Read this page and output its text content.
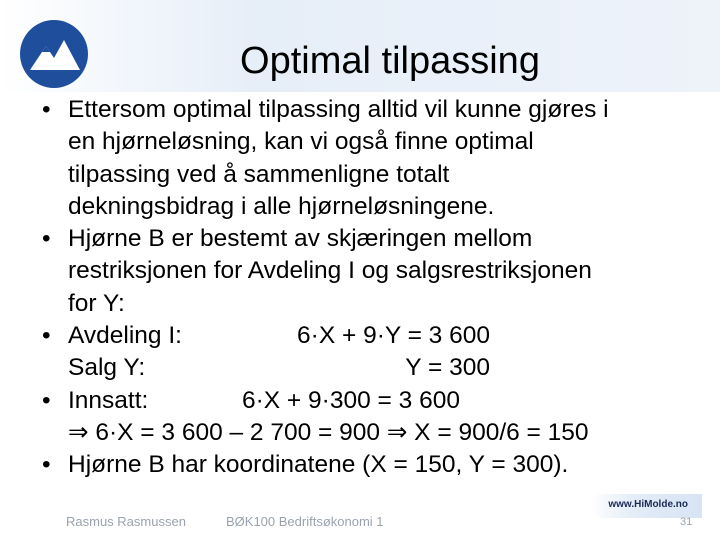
Optimal tilpassing
• Ettersom optimal tilpassing alltid vil kunne gjøres i
en hjørneløsning, kan vi også finne optimal
tilpassing ved å sammenligne totalt
dekningsbidrag i alle hjørneløsningene.
• Hjørne B er bestemt av skjæringen mellom
restriksjonen for Avdeling I og salgsrestriksjonen
for Y:
• Avdeling I:	6·X + 9·Y = 3 600
Salg Y:	Y = 300
• Innsatt:	6·X + 9·300 = 3 600
⇒ 6·X = 3 600 – 2 700 = 900 ⇒ X = 900/6 = 150
• Hjørne B har koordinatene (X = 150, Y = 300).
www.HiMolde.no
Rasmus Rasmussen	BØK100 Bedriftsøkonomi 1	31
